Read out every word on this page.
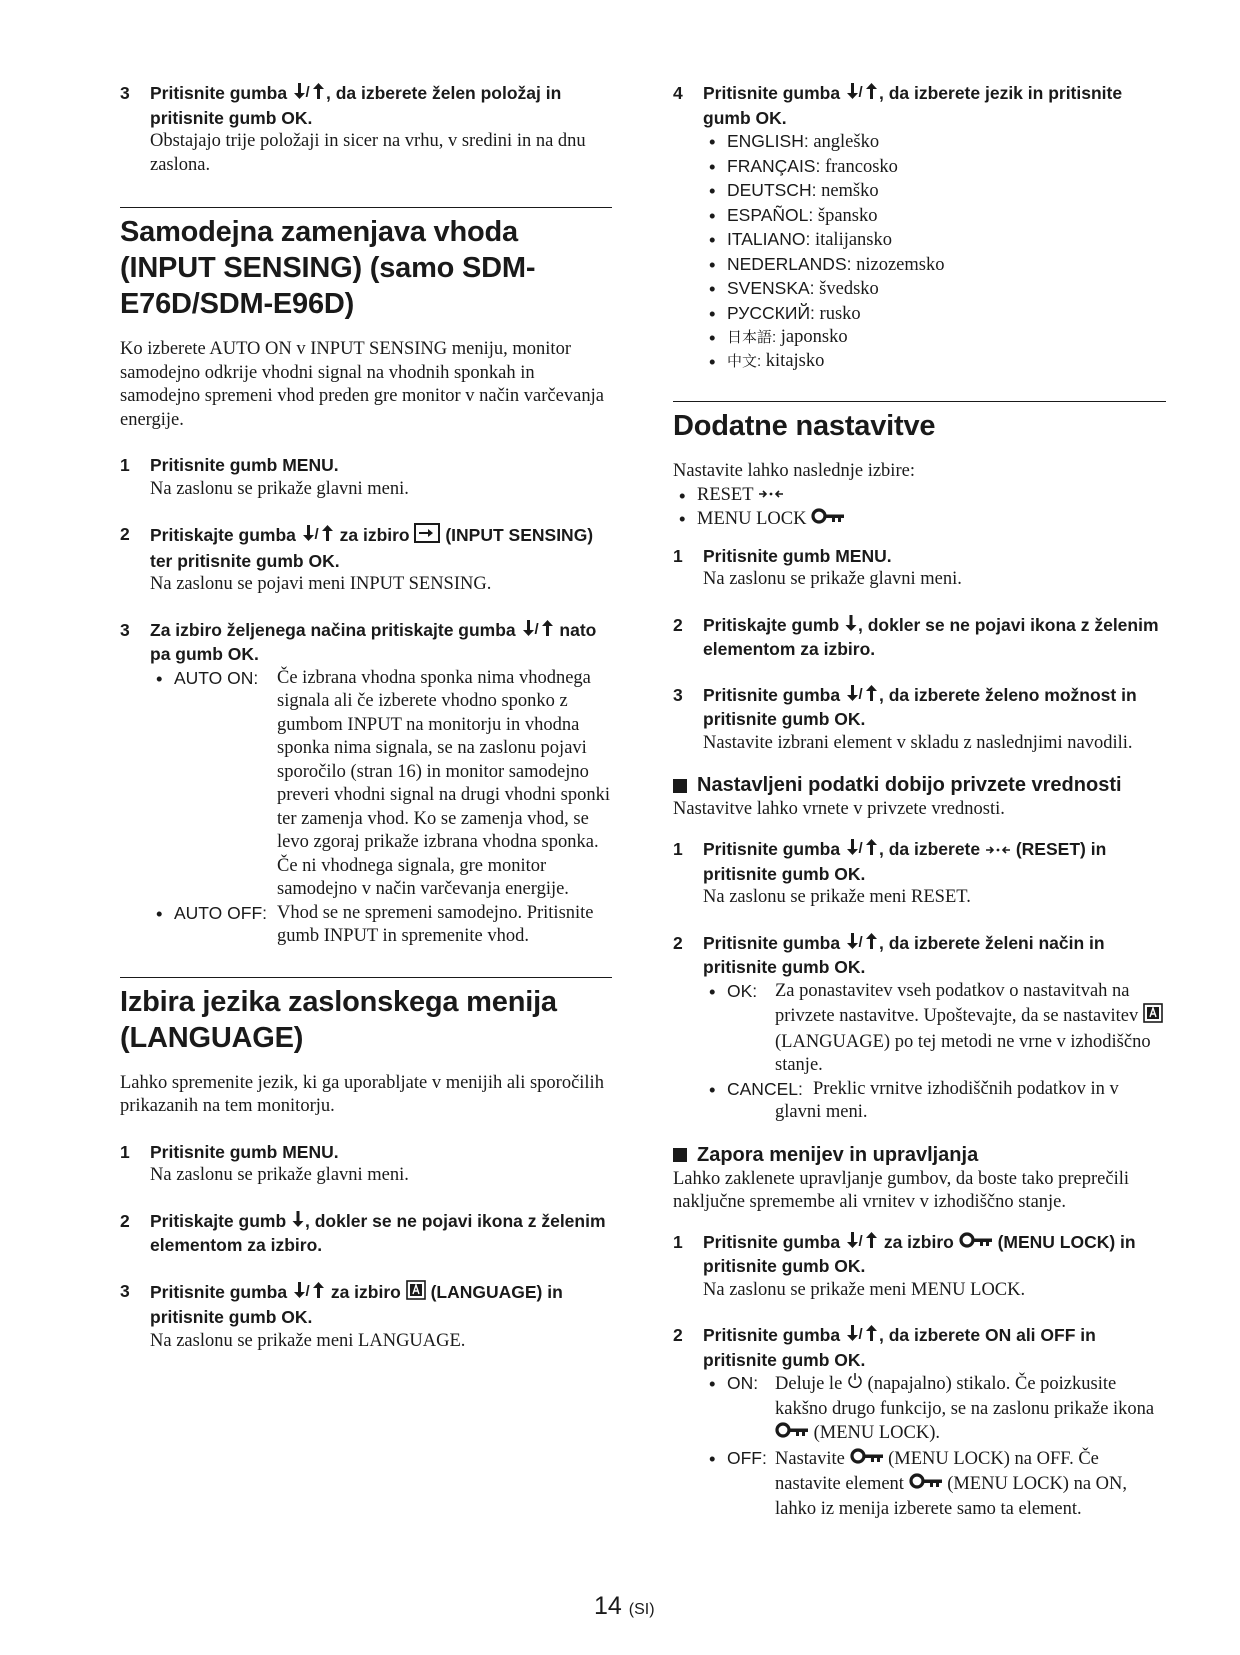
3 Pritisnite gumba / , da izberete želen položaj in pritisnite gumb OK.
Obstajajo trije položaji in sicer na vrhu, v sredini in na dnu zaslona.
Samodejna zamenjava vhoda (INPUT SENSING) (samo SDM-E76D/SDM-E96D)
Ko izberete AUTO ON v INPUT SENSING meniju, monitor samodejno odkrije vhodni signal na vhodnih sponkah in samodejno spremeni vhod preden gre monitor v način varčevanja energije.
1 Pritisnite gumb MENU.
Na zaslonu se prikaže glavni meni.
2 Pritiskajte gumba / za izbiro  (INPUT SENSING) ter pritisnite gumb OK.
Na zaslonu se pojavi meni INPUT SENSING.
3 Za izbiro željenega načina pritiskajte gumba / nato pa gumb OK.
• AUTO ON:	Če izbrana vhodna sponka nima vhodnega signala ali če izberete vhodno sponko z gumbom INPUT na monitorju in vhodna sponka nima signala, se na zaslonu pojavi sporočilo (stran 16) in monitor samodejno preveri vhodni signal na drugi vhodni sponki ter zamenja vhod. Ko se zamenja vhod, se levo zgoraj prikaže izbrana vhodna sponka. Če ni vhodnega signala, gre monitor samodejno v način varčevanja energije.
• AUTO OFF: Vhod se ne spremeni samodejno. Pritisnite gumb INPUT in spremenite vhod.
Izbira jezika zaslonskega menija (LANGUAGE)
Lahko spremenite jezik, ki ga uporabljate v menijih ali sporočilih prikazanih na tem monitorju.
1 Pritisnite gumb MENU.
Na zaslonu se prikaže glavni meni.
2 Pritiskajte gumb , dokler se ne pojavi ikona z želenim elementom za izbiro.
3 Pritisnite gumba / za izbiro  (LANGUAGE) in pritisnite gumb OK.
Na zaslonu se prikaže meni LANGUAGE.
4 Pritisnite gumba / , da izberete jezik in pritisnite gumb OK.
• ENGLISH: angleško
• FRANÇAIS: francosko
• DEUTSCH: nemško
• ESPAÑOL: špansko
• ITALIANO: italijansko
• NEDERLANDS: nizozemsko
• SVENSKA: švedsko
• РУССКИЙ: rusko
• 日本語: japonsko
• 中文: kitajsko
Dodatne nastavitve
Nastavite lahko naslednje izbire:
• RESET
• MENU LOCK
1 Pritisnite gumb MENU.
Na zaslonu se prikaže glavni meni.
2 Pritiskajte gumb , dokler se ne pojavi ikona z želenim elementom za izbiro.
3 Pritisnite gumba / , da izberete želeno možnost in pritisnite gumb OK.
Nastavite izbrani element v skladu z naslednjimi navodili.
Nastavljeni podatki dobijo privzete vrednosti
Nastavitve lahko vrnete v privzete vrednosti.
1 Pritisnite gumba / , da izberete  (RESET) in pritisnite gumb OK.
Na zaslonu se prikaže meni RESET.
2 Pritisnite gumba / , da izberete želeni način in pritisnite gumb OK.
• OK: Za ponastavitev vseh podatkov o nastavitvah na privzete nastavitve. Upoštevajte, da se nastavitev  (LANGUAGE) po tej metodi ne vrne v izhodiščno stanje.
• CANCEL: Preklic vrnitve izhodiščnih podatkov in v glavni meni.
Zapora menijev in upravljanja
Lahko zaklenete upravljanje gumbov, da boste tako preprečili naključne spremembe ali vrnitev v izhodiščno stanje.
1 Pritisnite gumba / za izbiro  (MENU LOCK) in pritisnite gumb OK.
Na zaslonu se prikaže meni MENU LOCK.
2 Pritisnite gumba / , da izberete ON ali OFF in pritisnite gumb OK.
• ON: Deluje le  (napajalno) stikalo. Če poizkusite kakšno drugo funkcijo, se na zaslonu prikaže ikona  (MENU LOCK).
• OFF: Nastavite  (MENU LOCK) na OFF. Če nastavite element  (MENU LOCK) na ON, lahko iz menija izberete samo ta element.
14 (SI)
